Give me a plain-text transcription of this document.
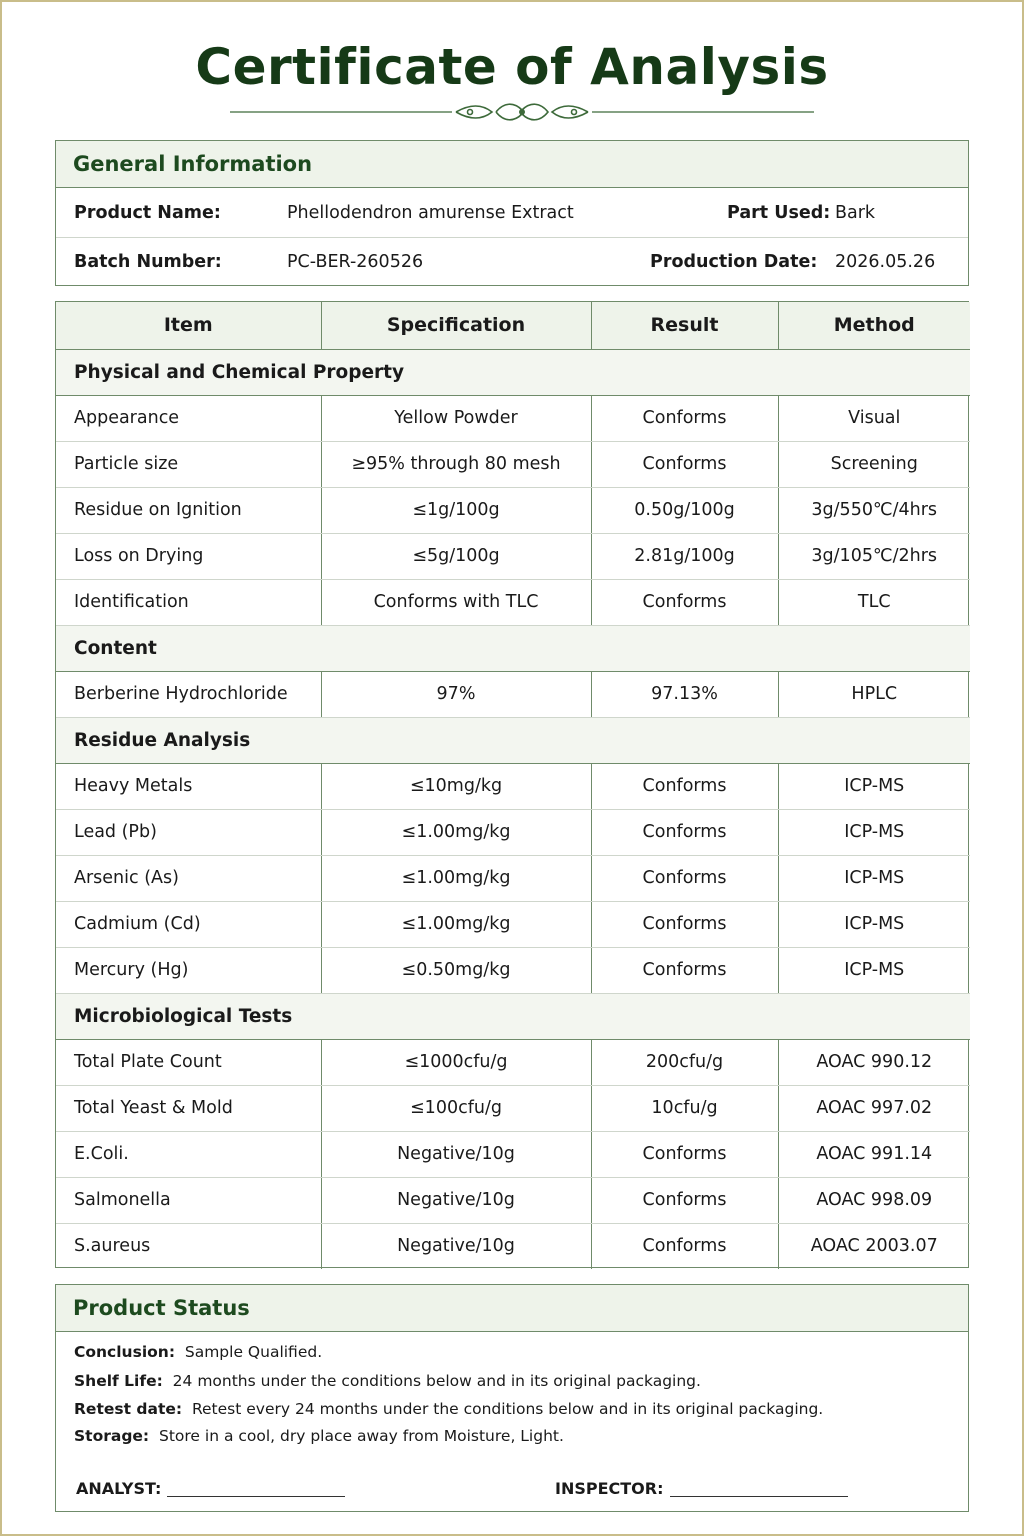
Certificate of Analysis
General Information
Product Name:	Phellodendron amurense Extract	Part Used: Bark
Batch Number:	PC-BER-260526	Production Date: 2026.05.26
Item	Specification	Result	Method
Physical and Chemical Property			
Appearance	Yellow Powder	Conforms	Visual
Particle size	≥95% through 80 mesh	Conforms	Screening
Residue on Ignition	≤1g/100g	0.50g/100g	3g/550℃/4hrs
Loss on Drying	≤5g/100g	2.81g/100g	3g/105℃/2hrs
Identification	Conforms with TLC	Conforms	TLC
Content			
Berberine Hydrochloride	97%	97.13%	HPLC
Residue Analysis			
Heavy Metals	≤10mg/kg	Conforms	ICP-MS
Lead (Pb)	≤1.00mg/kg	Conforms	ICP-MS
Arsenic (As)	≤1.00mg/kg	Conforms	ICP-MS
Cadmium (Cd)	≤1.00mg/kg	Conforms	ICP-MS
Mercury (Hg)	≤0.50mg/kg	Conforms	ICP-MS
Microbiological Tests			
Total Plate Count	≤1000cfu/g	200cfu/g	AOAC 990.12
Total Yeast & Mold	≤100cfu/g	10cfu/g	AOAC 997.02
E.Coli.	Negative/10g	Conforms	AOAC 991.14
Salmonella	Negative/10g	Conforms	AOAC 998.09
S.aureus	Negative/10g	Conforms	AOAC 2003.07
Product Status
Conclusion: Sample Qualified.
Shelf Life: 24 months under the conditions below and in its original packaging.
Retest date: Retest every 24 months under the conditions below and in its original packaging.
Storage: Store in a cool, dry place away from Moisture, Light.
ANALYST:	INSPECTOR:
